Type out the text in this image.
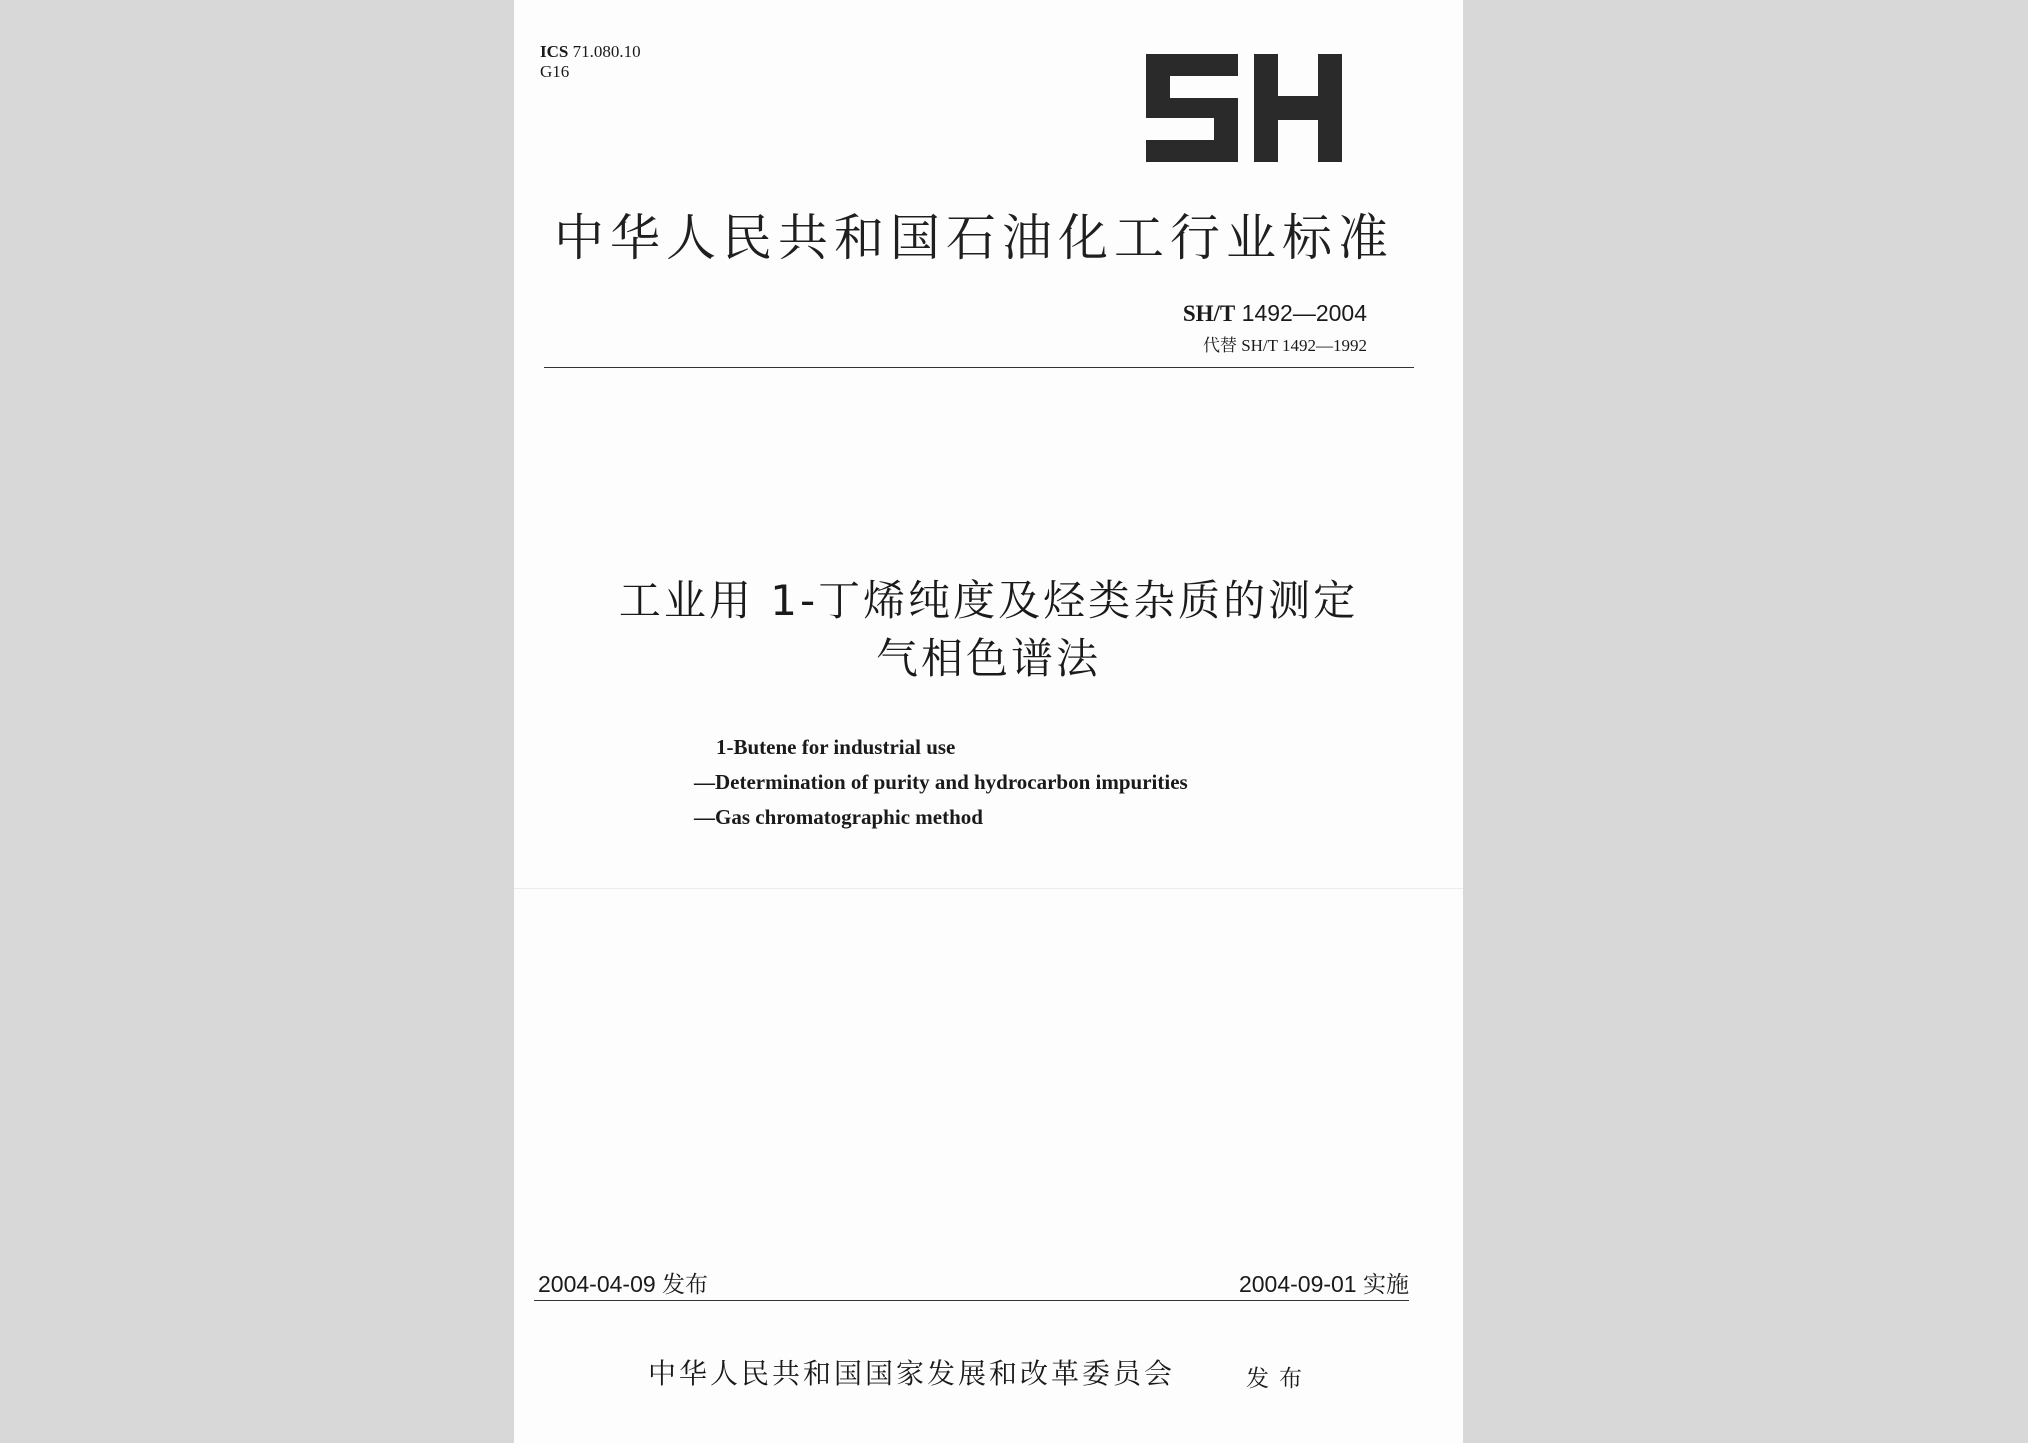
ICS 71.080.10
G16
中华人民共和国石油化工行业标准
SH/T 1492—2004
代替 SH/T 1492—1992
工业用 1-丁烯纯度及烃类杂质的测定
气相色谱法
1-Butene for industrial use
—Determination of purity and hydrocarbon impurities
—Gas chromatographic method
2004-04-09 发布	2004-09-01 实施
中华人民共和国国家发展和改革委员会	发布
